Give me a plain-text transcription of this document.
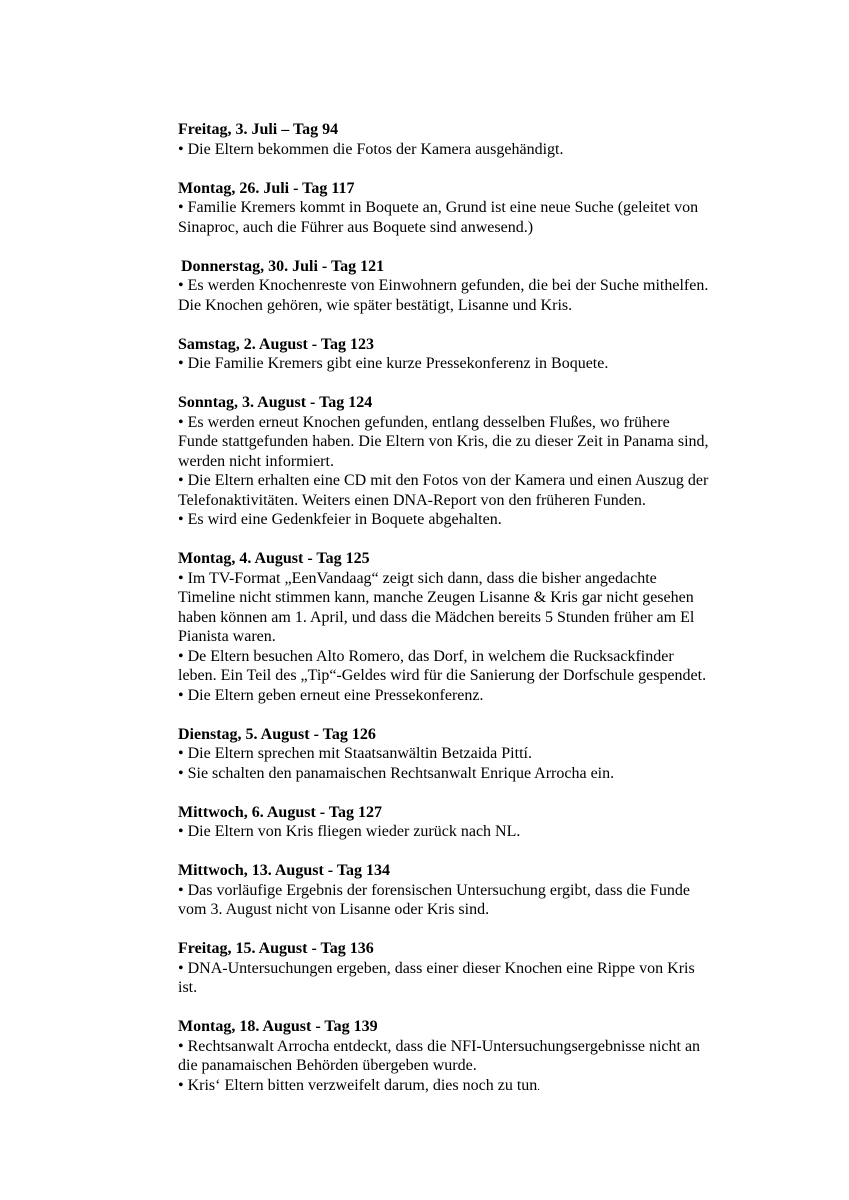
Freitag, 3. Juli – Tag 94

• Die Eltern bekommen die Fotos der Kamera ausgehändigt.

Montag, 26. Juli - Tag 117

• Familie Kremers kommt in Boquete an, Grund ist eine neue Suche (geleitet von

Sinaproc, auch die Führer aus Boquete sind anwesend.)

Donnerstag, 30. Juli - Tag 121

• Es werden Knochenreste von Einwohnern gefunden, die bei der Suche mithelfen.

Die Knochen gehören, wie später bestätigt, Lisanne und Kris.

Samstag, 2. August - Tag 123

• Die Familie Kremers gibt eine kurze Pressekonferenz in Boquete.

Sonntag, 3. August - Tag 124

• Es werden erneut Knochen gefunden, entlang desselben Flußes, wo frühere

Funde stattgefunden haben. Die Eltern von Kris, die zu dieser Zeit in Panama sind,

werden nicht informiert.

• Die Eltern erhalten eine CD mit den Fotos von der Kamera und einen Auszug der

Telefonaktivitäten. Weiters einen DNA-Report von den früheren Funden.

• Es wird eine Gedenkfeier in Boquete abgehalten.

Montag, 4. August - Tag 125

• Im TV-Format „EenVandaag“ zeigt sich dann, dass die bisher angedachte

Timeline nicht stimmen kann, manche Zeugen Lisanne & Kris gar nicht gesehen

haben können am 1. April, und dass die Mädchen bereits 5 Stunden früher am El

Pianista waren.

• De Eltern besuchen Alto Romero, das Dorf, in welchem die Rucksackfinder

leben. Ein Teil des „Tip“-Geldes wird für die Sanierung der Dorfschule gespendet.

• Die Eltern geben erneut eine Pressekonferenz.

Dienstag, 5. August - Tag 126

• Die Eltern sprechen mit Staatsanwältin Betzaida Pittí.

• Sie schalten den panamaischen Rechtsanwalt Enrique Arrocha ein.

Mittwoch, 6. August - Tag 127

• Die Eltern von Kris fliegen wieder zurück nach NL.

Mittwoch, 13. August - Tag 134

• Das vorläufige Ergebnis der forensischen Untersuchung ergibt, dass die Funde

vom 3. August nicht von Lisanne oder Kris sind.

Freitag, 15. August - Tag 136

• DNA-Untersuchungen ergeben, dass einer dieser Knochen eine Rippe von Kris

ist.

Montag, 18. August - Tag 139

• Rechtsanwalt Arrocha entdeckt, dass die NFI-Untersuchungsergebnisse nicht an

die panamaischen Behörden übergeben wurde.

• Kris‘ Eltern bitten verzweifelt darum, dies noch zu tun.
